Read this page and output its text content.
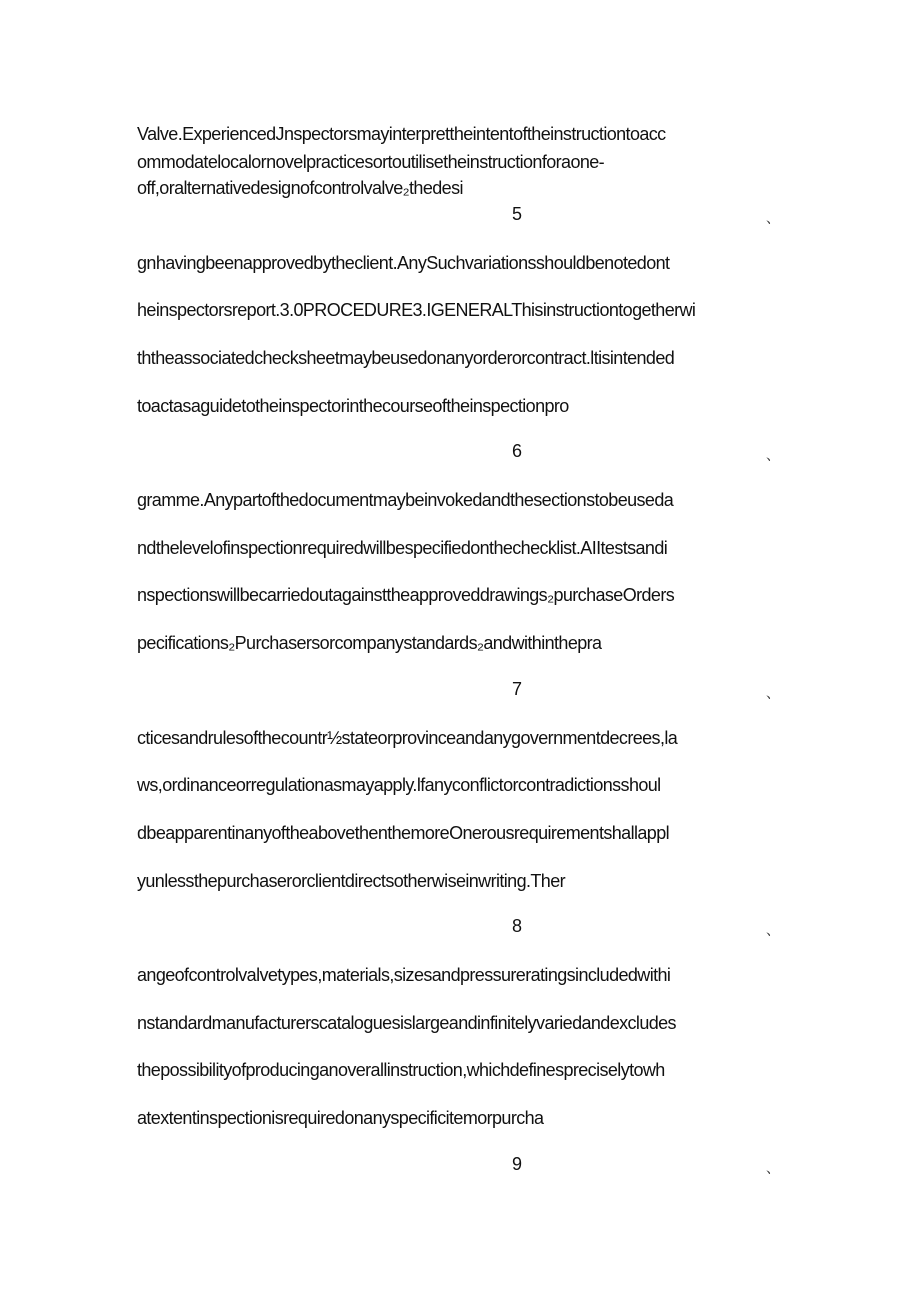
Valve.ExperiencedJnspectorsmayinterprettheintentoftheinstructiontoacc
ommodatelocalornovelpracticesortoutilisetheinstructionforaone-
off,oralternativedesignofcontrolvalve₂thedesi
5	、
gnhavingbeenapprovedbytheclient.AnySuchvariationsshouldbenotedont
heinspectorsreport.3.0PROCEDURE3.IGENERALThisinstructiontogetherwi
ththeassociatedchecksheetmaybeusedonanyorderorcontract.ltisintended
toactasaguidetotheinspectorinthecourseoftheinspectionpro
6	、
gramme.Anypartofthedocumentmaybeinvokedandthesectionstobeuseda
ndthelevelofinspectionrequiredwillbespecifiedonthechecklist.AIItestsandi
nspectionswillbecarriedoutagainsttheapproveddrawings₂purchaseOrders
pecifications₂Purchasersorcompanystandards₂andwithinthepra
7	、
cticesandrulesofthecountr½stateorprovinceandanygovernmentdecrees,la
ws,ordinanceorregulationasmayapply.lfanyconflictorcontradictionsshoul
dbeapparentinanyoftheabovethenthemoreOnerousrequirementshallappl
yunlessthepurchaserorclientdirectsotherwiseinwriting.Ther
8	、
angeofcontrolvalvetypes,materials,sizesandpressureratingsincludedwithi
nstandardmanufacturerscataloguesislargeandinfinitelyvariedandexcludes
thepossibilityofproducinganoverallinstruction,whichdefinespreciselytowh
atextentinspectionisrequiredonanyspecificitemorpurcha
9	、
